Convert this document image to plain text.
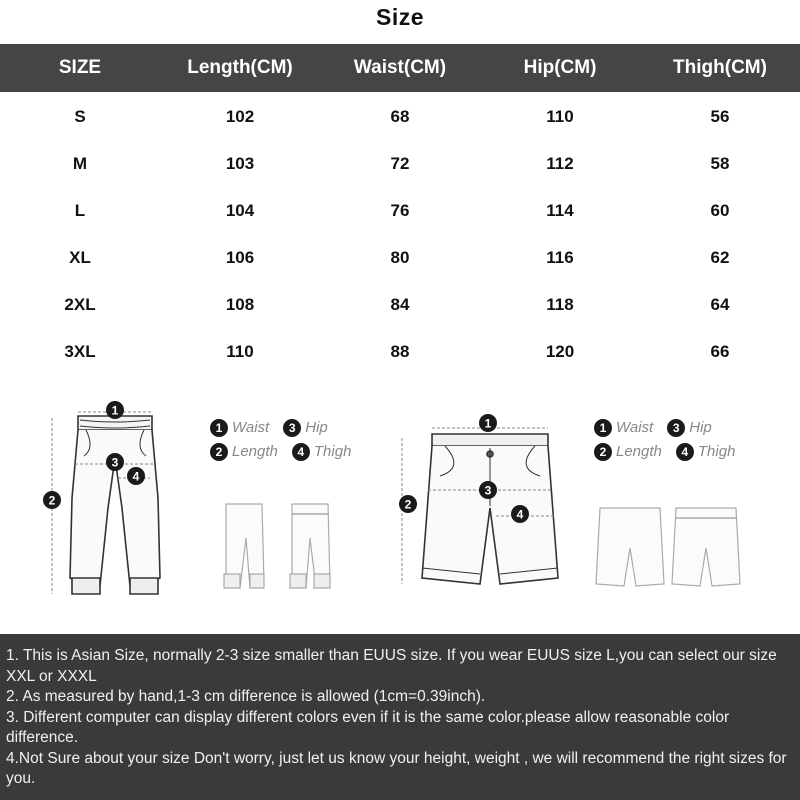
Size
SIZE	Length(CM)	Waist(CM)	Hip(CM)	Thigh(CM)
S	102	68	110	56
M	103	72	112	58
L	104	76	114	60
XL	106	80	116	62
2XL	108	84	118	64
3XL	110	88	120	66
1
2
3
4
1
2
3
4
1 Waist	3 Hip
2 Length	4 Thigh
1 Waist	3 Hip
2 Length	4 Thigh

1. This is Asian Size, normally 2-3 size smaller than EUUS size. If you wear EUUS size L,you can select our size XXL or XXXL

2. As measured by hand,1-3 cm difference is allowed (1cm=0.39inch).

3. Different computer can display different colors even if it is the same color.please allow reasonable color difference.

4.Not Sure about your size Don't worry, just let us know your height, weight , we will recommend the right sizes for you.
